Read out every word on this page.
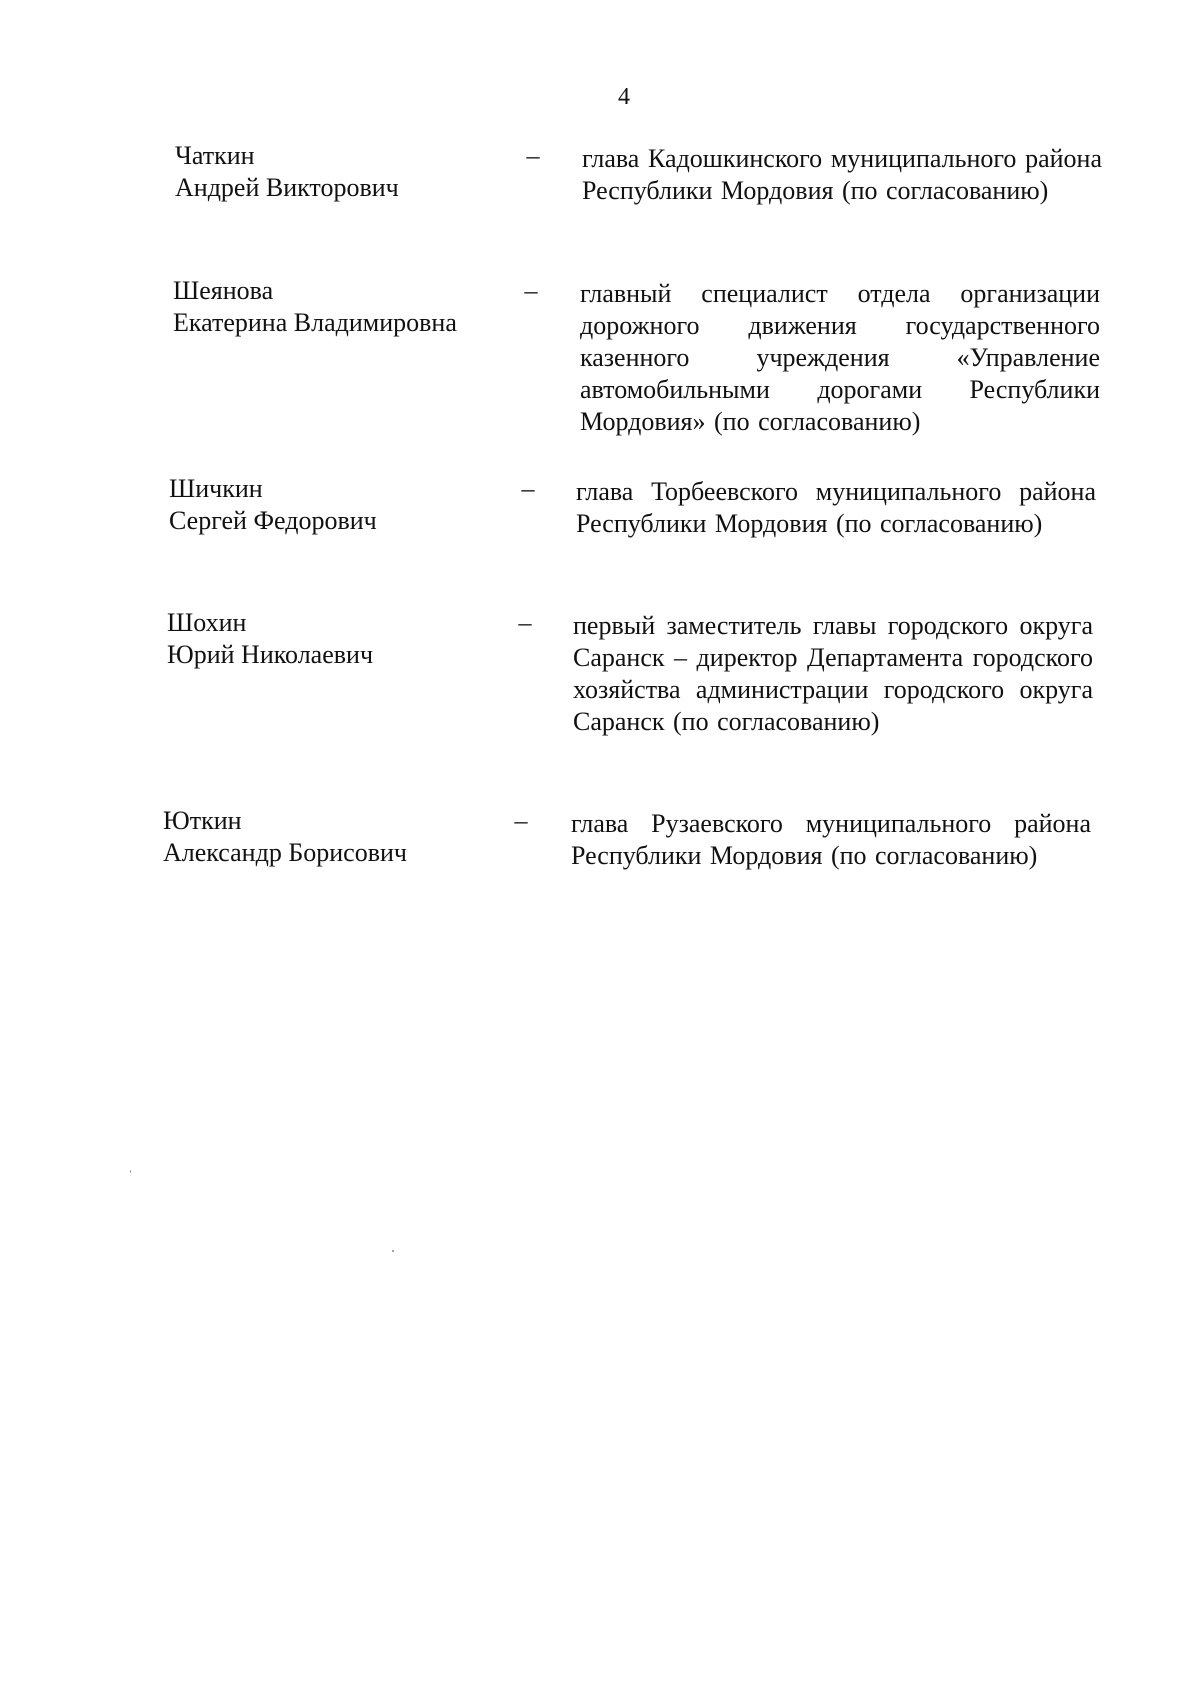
4
Чаткин
Андрей Викторович
–	глава Кадошкинского муниципального района Республики Мордовия (по согласованию)
Шеянова
Екатерина Владимировна
–	главный специалист отдела организации дорожного движения государственного казенного учреждения «Управление автомобильными дорогами Республики Мордовия» (по согласованию)
Шичкин
Сергей Федорович
–	глава Торбеевского муниципального района Республики Мордовия (по согласованию)
Шохин
Юрий Николаевич
–	первый заместитель главы городского округа Саранск – директор Департамента городского хозяйства администрации городского округа Саранск (по согласованию)
Юткин
Александр Борисович
–	глава Рузаевского муниципального района Республики Мордовия (по согласованию)
